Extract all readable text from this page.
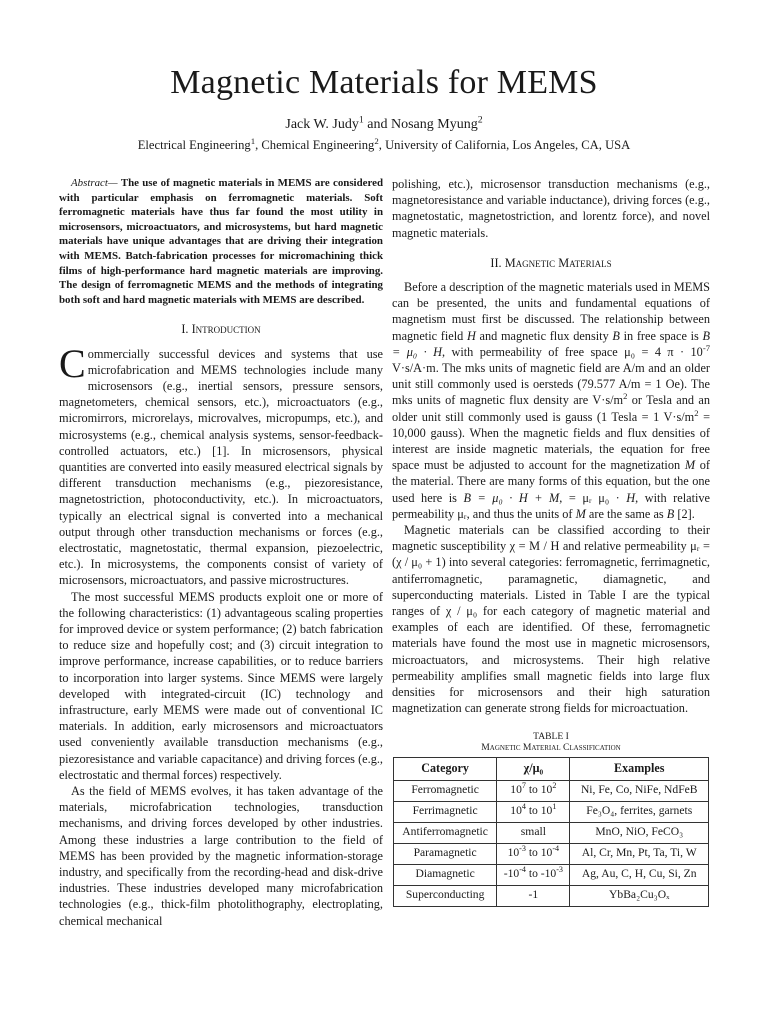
Magnetic Materials for MEMS
Jack W. Judy$^1$ and Nosang Myung$^2$
Electrical Engineering$^1$, Chemical Engineering$^2$, University of California, Los Angeles, CA, USA

Abstract— The use of magnetic materials in MEMS are considered with particular emphasis on ferromagnetic materials. Soft ferromagnetic materials have thus far found the most utility in microsensors, microactuators, and microsystems, but hard magnetic materials have unique advantages that are driving their integration with MEMS. Batch-fabrication processes for micromachining thick films of high-performance hard magnetic materials are improving. The design of ferromagnetic MEMS and the methods of integrating both soft and hard magnetic materials with MEMS are described.

I. Introduction

Commercially successful devices and systems that use microfabrication and MEMS technologies include many microsensors (e.g., inertial sensors, pressure sensors, magnetometers, chemical sensors, etc.), microactuators (e.g., micromirrors, microrelays, microvalves, micropumps, etc.), and microsystems (e.g., chemical analysis systems, sensor-feedback-controlled actuators, etc.) [1]. In microsensors, physical quantities are converted into easily measured electrical signals by different transduction mechanisms (e.g., piezoresistance, magnetostriction, photoconductivity, etc.). In microactuators, typically an electrical signal is converted into a mechanical output through other transduction mechanisms or forces (e.g., electrostatic, magnetostatic, thermal expansion, piezoelectric, etc.). In microsystems, the components consist of variety of microsensors, microactuators, and passive microstructures.

The most successful MEMS products exploit one or more of the following characteristics: (1) advantageous scaling properties for improved device or system performance; (2) batch fabrication to reduce size and hopefully cost; and (3) circuit integration to improve performance, increase capabilities, or to reduce barriers to incorporation into larger systems. Since MEMS were largely developed with integrated-circuit (IC) technology and infrastructure, early MEMS were made out of conventional IC materials. In addition, early microsensors and microactuators used conveniently available transduction mechanisms (e.g., piezoresistance and variable capacitance) and driving forces (e.g., electrostatic and thermal forces) respectively.

As the field of MEMS evolves, it has taken advantage of the materials, microfabrication technologies, transduction mechanisms, and driving forces developed by other industries. Among these industries a large contribution to the field of MEMS has been provided by the magnetic information-storage industry, and specifically from the recording-head and disk-drive industries. These industries developed many microfabrication technologies (e.g., thick-film photolithography, electroplating, chemical mechanical

polishing, etc.), microsensor transduction mechanisms (e.g., magnetoresistance and variable inductance), driving forces (e.g., magnetostatic, magnetostriction, and lorentz force), and novel magnetic materials.

II. Magnetic Materials

Before a description of the magnetic materials used in MEMS can be presented, the units and fundamental equations of magnetism must first be discussed. The relationship between magnetic field H and magnetic flux density B in free space is B = μ₀ · H, with permeability of free space μ₀ = 4 $\pi \cdot 10^{-7}$ V·s/A·m. The mks units of magnetic field are A/m and an older unit still commonly used is oersteds (79.577 A/m = 1 Oe). The mks units of magnetic flux density are $V\cdot s/m^2$ or Tesla and an older unit still commonly used is gauss (1 Tesla = 1 $V\cdot s/m^2 = 10,000$ gauss). When the magnetic fields and flux densities of interest are inside magnetic materials, the equation for free space must be adjusted to account for the magnetization M of the material. There are many forms of this equation, but the one used here is B = μ₀ · H + M, = μᵣ μ₀ · H, with relative permeability μᵣ, and thus the units of M are the same as B [2].

Magnetic materials can be classified according to their magnetic susceptibility χ = M / H and relative permeability μᵣ = (χ / μ₀ + 1) into several categories: ferromagnetic, ferrimagnetic, antiferromagnetic, paramagnetic, diamagnetic, and superconducting materials. Listed in Table I are the typical ranges of χ / μ₀ for each category of magnetic material and examples of each are identified. Of these, ferromagnetic materials have found the most use in magnetic microsensors, microactuators, and microsystems. Their high relative permeability amplifies small magnetic fields into large flux densities for microsensors and their high saturation magnetization can generate strong fields for microactuation.

TABLE I
Magnetic Material Classification
Category	χ/μ₀	Examples
Ferromagnetic	$10^7$ to $10^2$	Ni, Fe, Co, NiFe, NdFeB
Ferrimagnetic	$10^4$ to $10^1$	Fe₃O₄, ferrites, garnets
Antiferromagnetic	small	MnO, NiO, FeCO₃
Paramagnetic	$10^{-3}$ to $10^{-4}$	Al, Cr, Mn, Pt, Ta, Ti, W
Diamagnetic	$-10^{-4}$ to $-10^{-3}$	Ag, Au, C, H, Cu, Si, Zn
Superconducting	-1	YbBa₂Cu₃Oₓ
